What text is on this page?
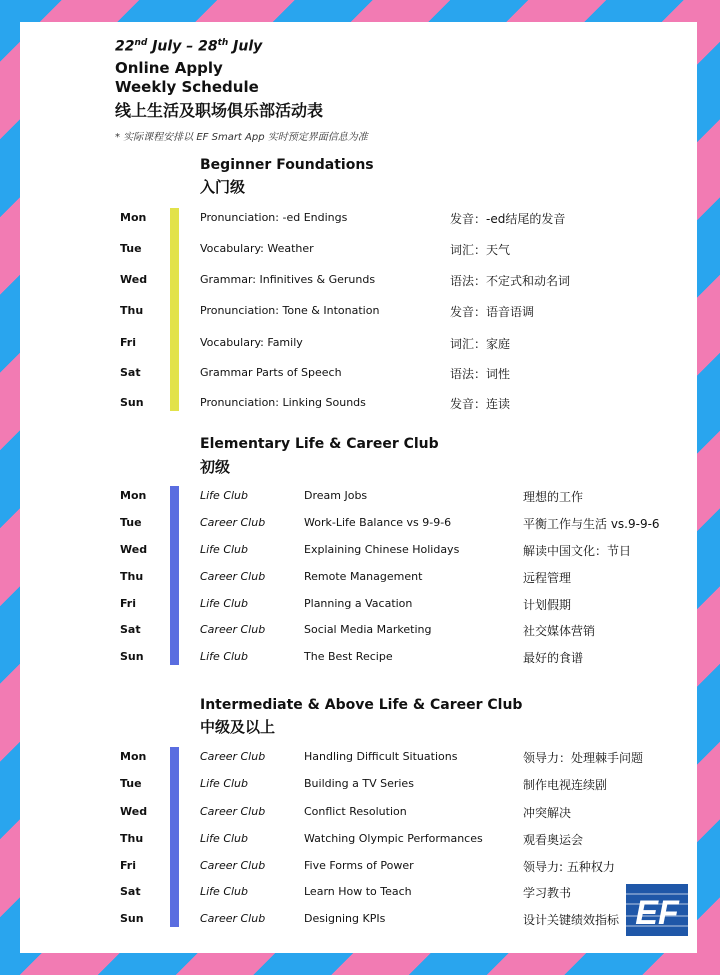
22nd July – 28th July
Online Apply
Weekly Schedule
线上生活及职场俱乐部活动表
* 实际课程安排以 EF Smart App 实时预定界面信息为准
Beginner Foundations
入门级
Mon	Pronunciation: -ed Endings	发音：-ed结尾的发音
Tue	Vocabulary: Weather	词汇：天气
Wed	Grammar: Infinitives & Gerunds	语法：不定式和动名词
Thu	Pronunciation: Tone & Intonation	发音：语音语调
Fri	Vocabulary: Family	词汇：家庭
Sat	Grammar Parts of Speech	语法：词性
Sun	Pronunciation: Linking Sounds	发音：连读
Elementary Life & Career Club
初级
Mon	Life Club	Dream Jobs	理想的工作
Tue	Career Club	Work-Life Balance vs 9-9-6	平衡工作与生活 vs.9-9-6
Wed	Life Club	Explaining Chinese Holidays	解读中国文化：节日
Thu	Career Club	Remote Management	远程管理
Fri	Life Club	Planning a Vacation	计划假期
Sat	Career Club	Social Media Marketing	社交媒体营销
Sun	Life Club	The Best Recipe	最好的食谱
Intermediate & Above Life & Career Club
中级及以上
Mon	Career Club	Handling Difficult Situations	领导力：处理棘手问题
Tue	Life Club	Building a TV Series	制作电视连续剧
Wed	Career Club	Conflict Resolution	冲突解决
Thu	Life Club	Watching Olympic Performances	观看奥运会
Fri	Career Club	Five Forms of Power	领导力: 五种权力
Sat	Life Club	Learn How to Teach	学习教书
Sun	Career Club	Designing KPIs	设计关键绩效指标 EF
